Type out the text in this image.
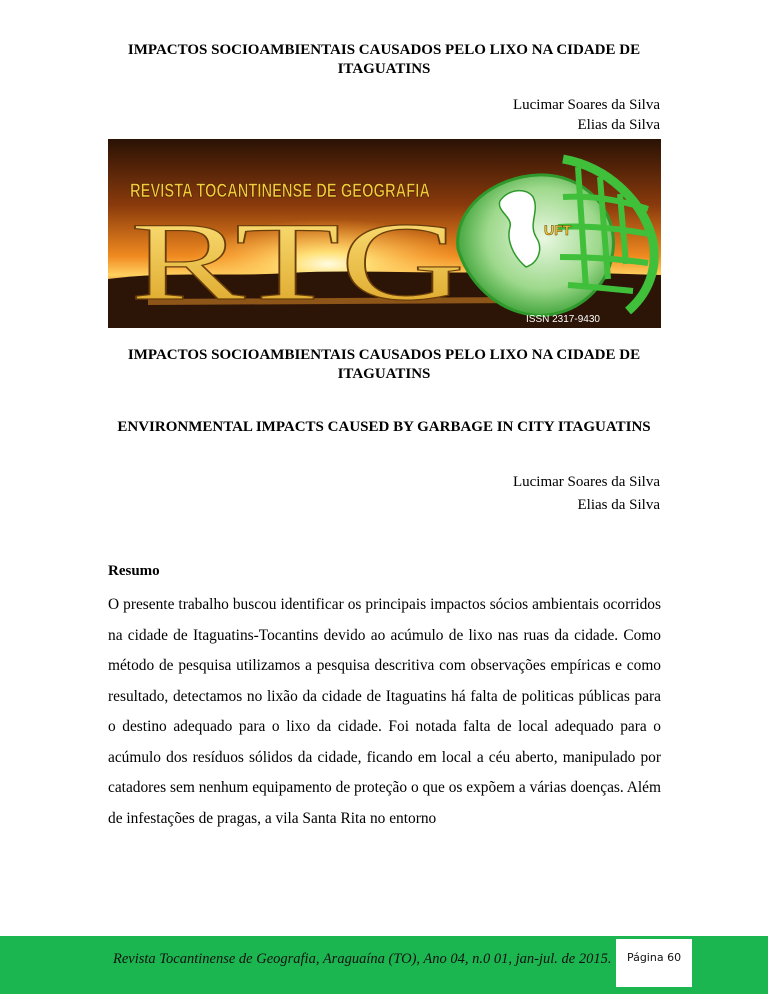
IMPACTOS SOCIOAMBIENTAIS CAUSADOS PELO LIXO NA CIDADE DE ITAGUATINS
Lucimar Soares da Silva
Elias da Silva
UFT
REVISTA TOCANTINENSE DE GEOGRAFIA
RTG	ISSN 2317-9430
IMPACTOS SOCIOAMBIENTAIS CAUSADOS PELO LIXO NA CIDADE DE ITAGUATINS
ENVIRONMENTAL IMPACTS CAUSED BY GARBAGE IN CITY ITAGUATINS
Lucimar Soares da Silva
Elias da Silva
Resumo

O presente trabalho buscou identificar os principais impactos sócios ambientais ocorridos na cidade de Itaguatins-Tocantins devido ao acúmulo de lixo nas ruas da cidade. Como método de pesquisa utilizamos a pesquisa descritiva com observações empíricas e como resultado, detectamos no lixão da cidade de Itaguatins há falta de politicas públicas para o destino adequado para o lixo da cidade. Foi notada falta de local adequado para o acúmulo dos resíduos sólidos da cidade, ficando em local a céu aberto, manipulado por catadores sem nenhum equipamento de proteção o que os expõem a várias doenças. Além de infestações de pragas, a vila Santa Rita no entorno

Revista Tocantinense de Geografia, Araguaína (TO), Ano 04, n.0 01, jan-jul. de 2015.	Página 60
